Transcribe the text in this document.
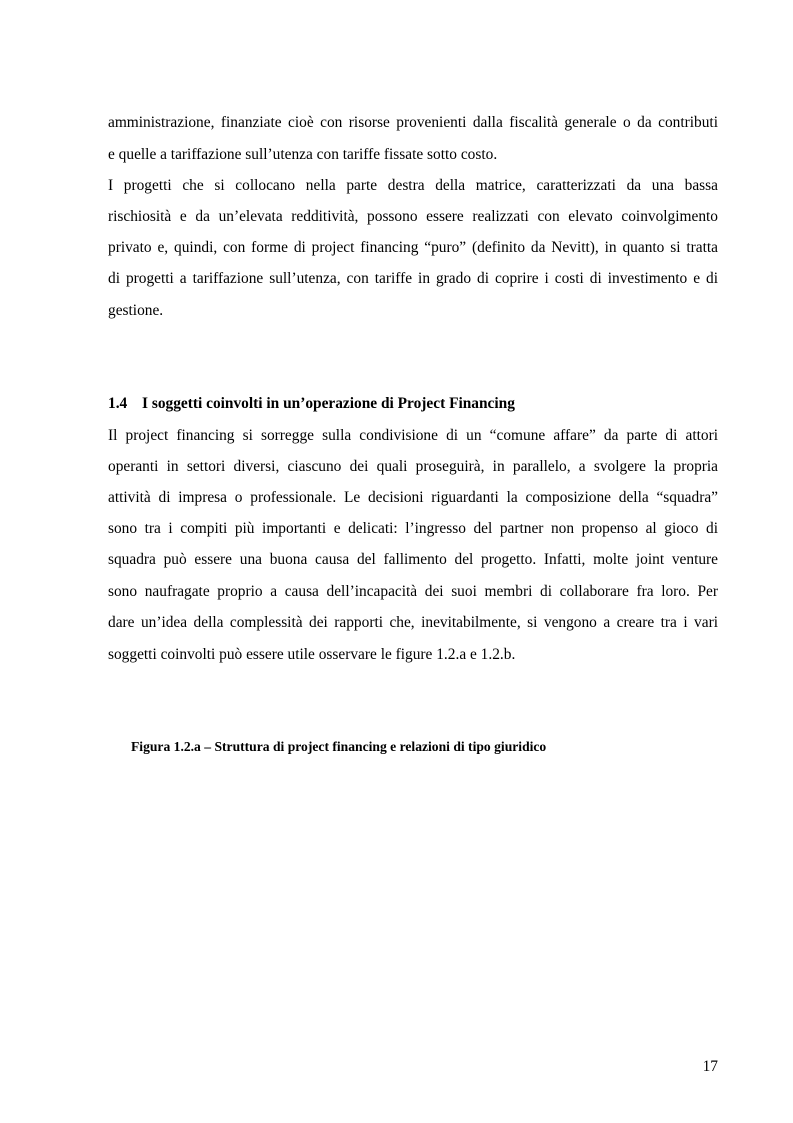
amministrazione, finanziate cioè con risorse provenienti dalla fiscalità generale o da contributi

e quelle a tariffazione sull’utenza con tariffe fissate sotto costo.

I progetti che si collocano nella parte destra della matrice, caratterizzati da una bassa

rischiosità e da un’elevata redditività, possono essere realizzati con elevato coinvolgimento

privato e, quindi, con forme di project financing “puro” (definito da Nevitt), in quanto si tratta

di progetti a tariffazione sull’utenza, con tariffe in grado di coprire i costi di investimento e di

gestione.

1.4 I soggetti coinvolti in un’operazione di Project Financing

Il project financing si sorregge sulla condivisione di un “comune affare” da parte di attori

operanti in settori diversi, ciascuno dei quali proseguirà, in parallelo, a svolgere la propria

attività di impresa o professionale. Le decisioni riguardanti la composizione della “squadra”

sono tra i compiti più importanti e delicati: l’ingresso del partner non propenso al gioco di

squadra può essere una buona causa del fallimento del progetto. Infatti, molte joint venture

sono naufragate proprio a causa dell’incapacità dei suoi membri di collaborare fra loro. Per

dare un’idea della complessità dei rapporti che, inevitabilmente, si vengono a creare tra i vari

soggetti coinvolti può essere utile osservare le figure 1.2.a e 1.2.b.

Figura 1.2.a – Struttura di project financing e relazioni di tipo giuridico

17
